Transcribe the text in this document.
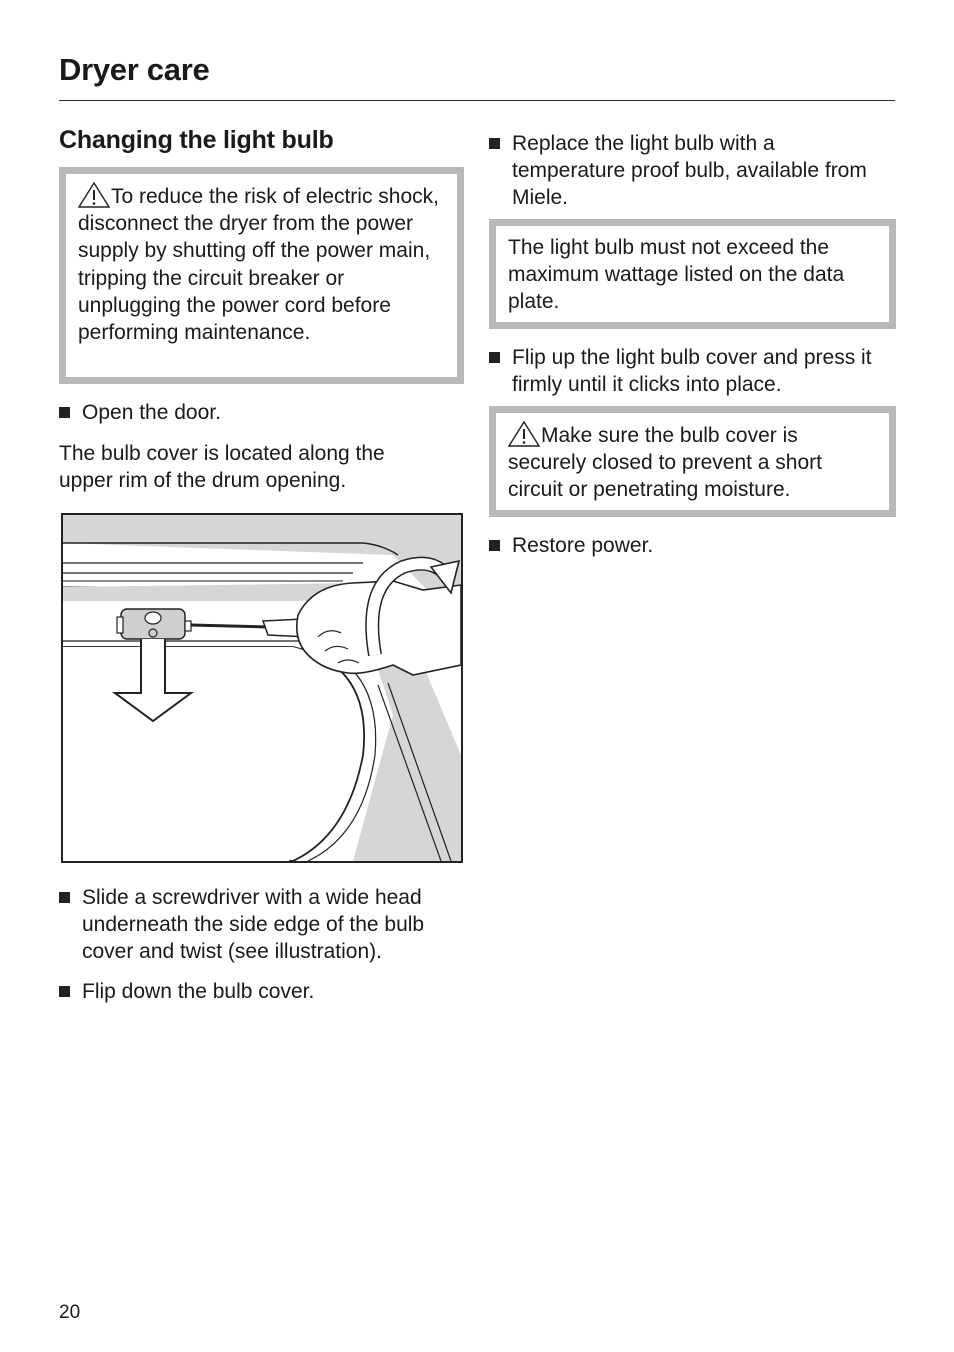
Dryer care
Changing the light bulb
To reduce the risk of electric shock, disconnect the dryer from the power supply by shutting off the power main, tripping the circuit breaker or unplugging the power cord before performing maintenance.
Open the door.
The bulb cover is located along the upper rim of the drum opening.
Slide a screwdriver with a wide head underneath the side edge of the bulb cover and twist (see illustration).
Flip down the bulb cover.
Replace the light bulb with a temperature proof bulb, available from Miele.
The light bulb must not exceed the maximum wattage listed on the data plate.
Flip up the light bulb cover and press it firmly until it clicks into place.
Make sure the bulb cover is securely closed to prevent a short circuit or penetrating moisture.
Restore power.
20
